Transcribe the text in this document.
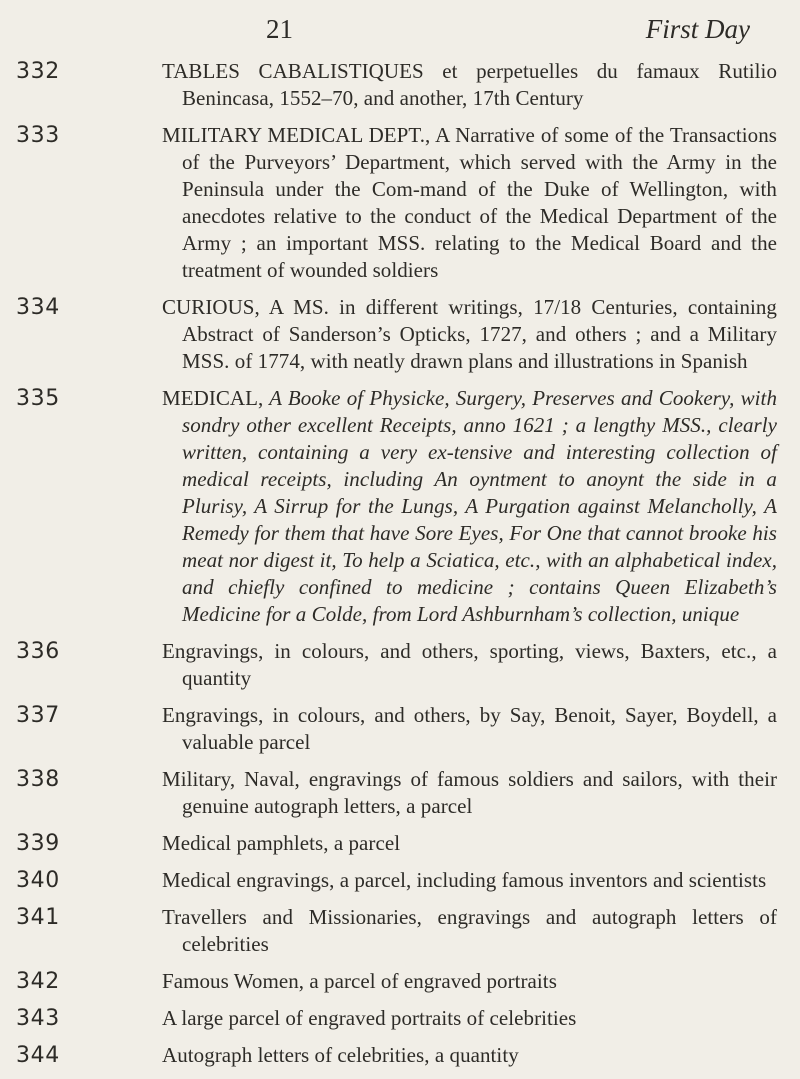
21	First Day
332	TABLES CABALISTIQUES et perpetuelles du famaux Rutilio Benincasa, 1552–70, and another, 17th Century
333	MILITARY MEDICAL DEPT., A Narrative of some of the Transactions of the Purveyors’ Department, which served with the Army in the Peninsula under the Com-mand of the Duke of Wellington, with anecdotes relative to the conduct of the Medical Department of the Army ; an important MSS. relating to the Medical Board and the treatment of wounded soldiers
334	CURIOUS, A MS. in different writings, 17/18 Centuries, containing Abstract of Sanderson’s Opticks, 1727, and others ; and a Military MSS. of 1774, with neatly drawn plans and illustrations in Spanish
335	MEDICAL, A Booke of Physicke, Surgery, Preserves and Cookery, with sondry other excellent Receipts, anno 1621 ; a lengthy MSS., clearly written, containing a very ex-tensive and interesting collection of medical receipts, including An oyntment to anoynt the side in a Plurisy, A Sirrup for the Lungs, A Purgation against Melancholly, A Remedy for them that have Sore Eyes, For One that cannot brooke his meat nor digest it, To help a Sciatica, etc., with an alphabetical index, and chiefly confined to medicine ; contains Queen Elizabeth’s Medicine for a Colde, from Lord Ashburnham’s collection, unique
336	Engravings, in colours, and others, sporting, views, Baxters, etc., a quantity
337	Engravings, in colours, and others, by Say, Benoit, Sayer, Boydell, a valuable parcel
338	Military, Naval, engravings of famous soldiers and sailors, with their genuine autograph letters, a parcel
339	Medical pamphlets, a parcel
340	Medical engravings, a parcel, including famous inventors and scientists
341	Travellers and Missionaries, engravings and autograph letters of celebrities
342	Famous Women, a parcel of engraved portraits
343	A large parcel of engraved portraits of celebrities
344	Autograph letters of celebrities, a quantity
